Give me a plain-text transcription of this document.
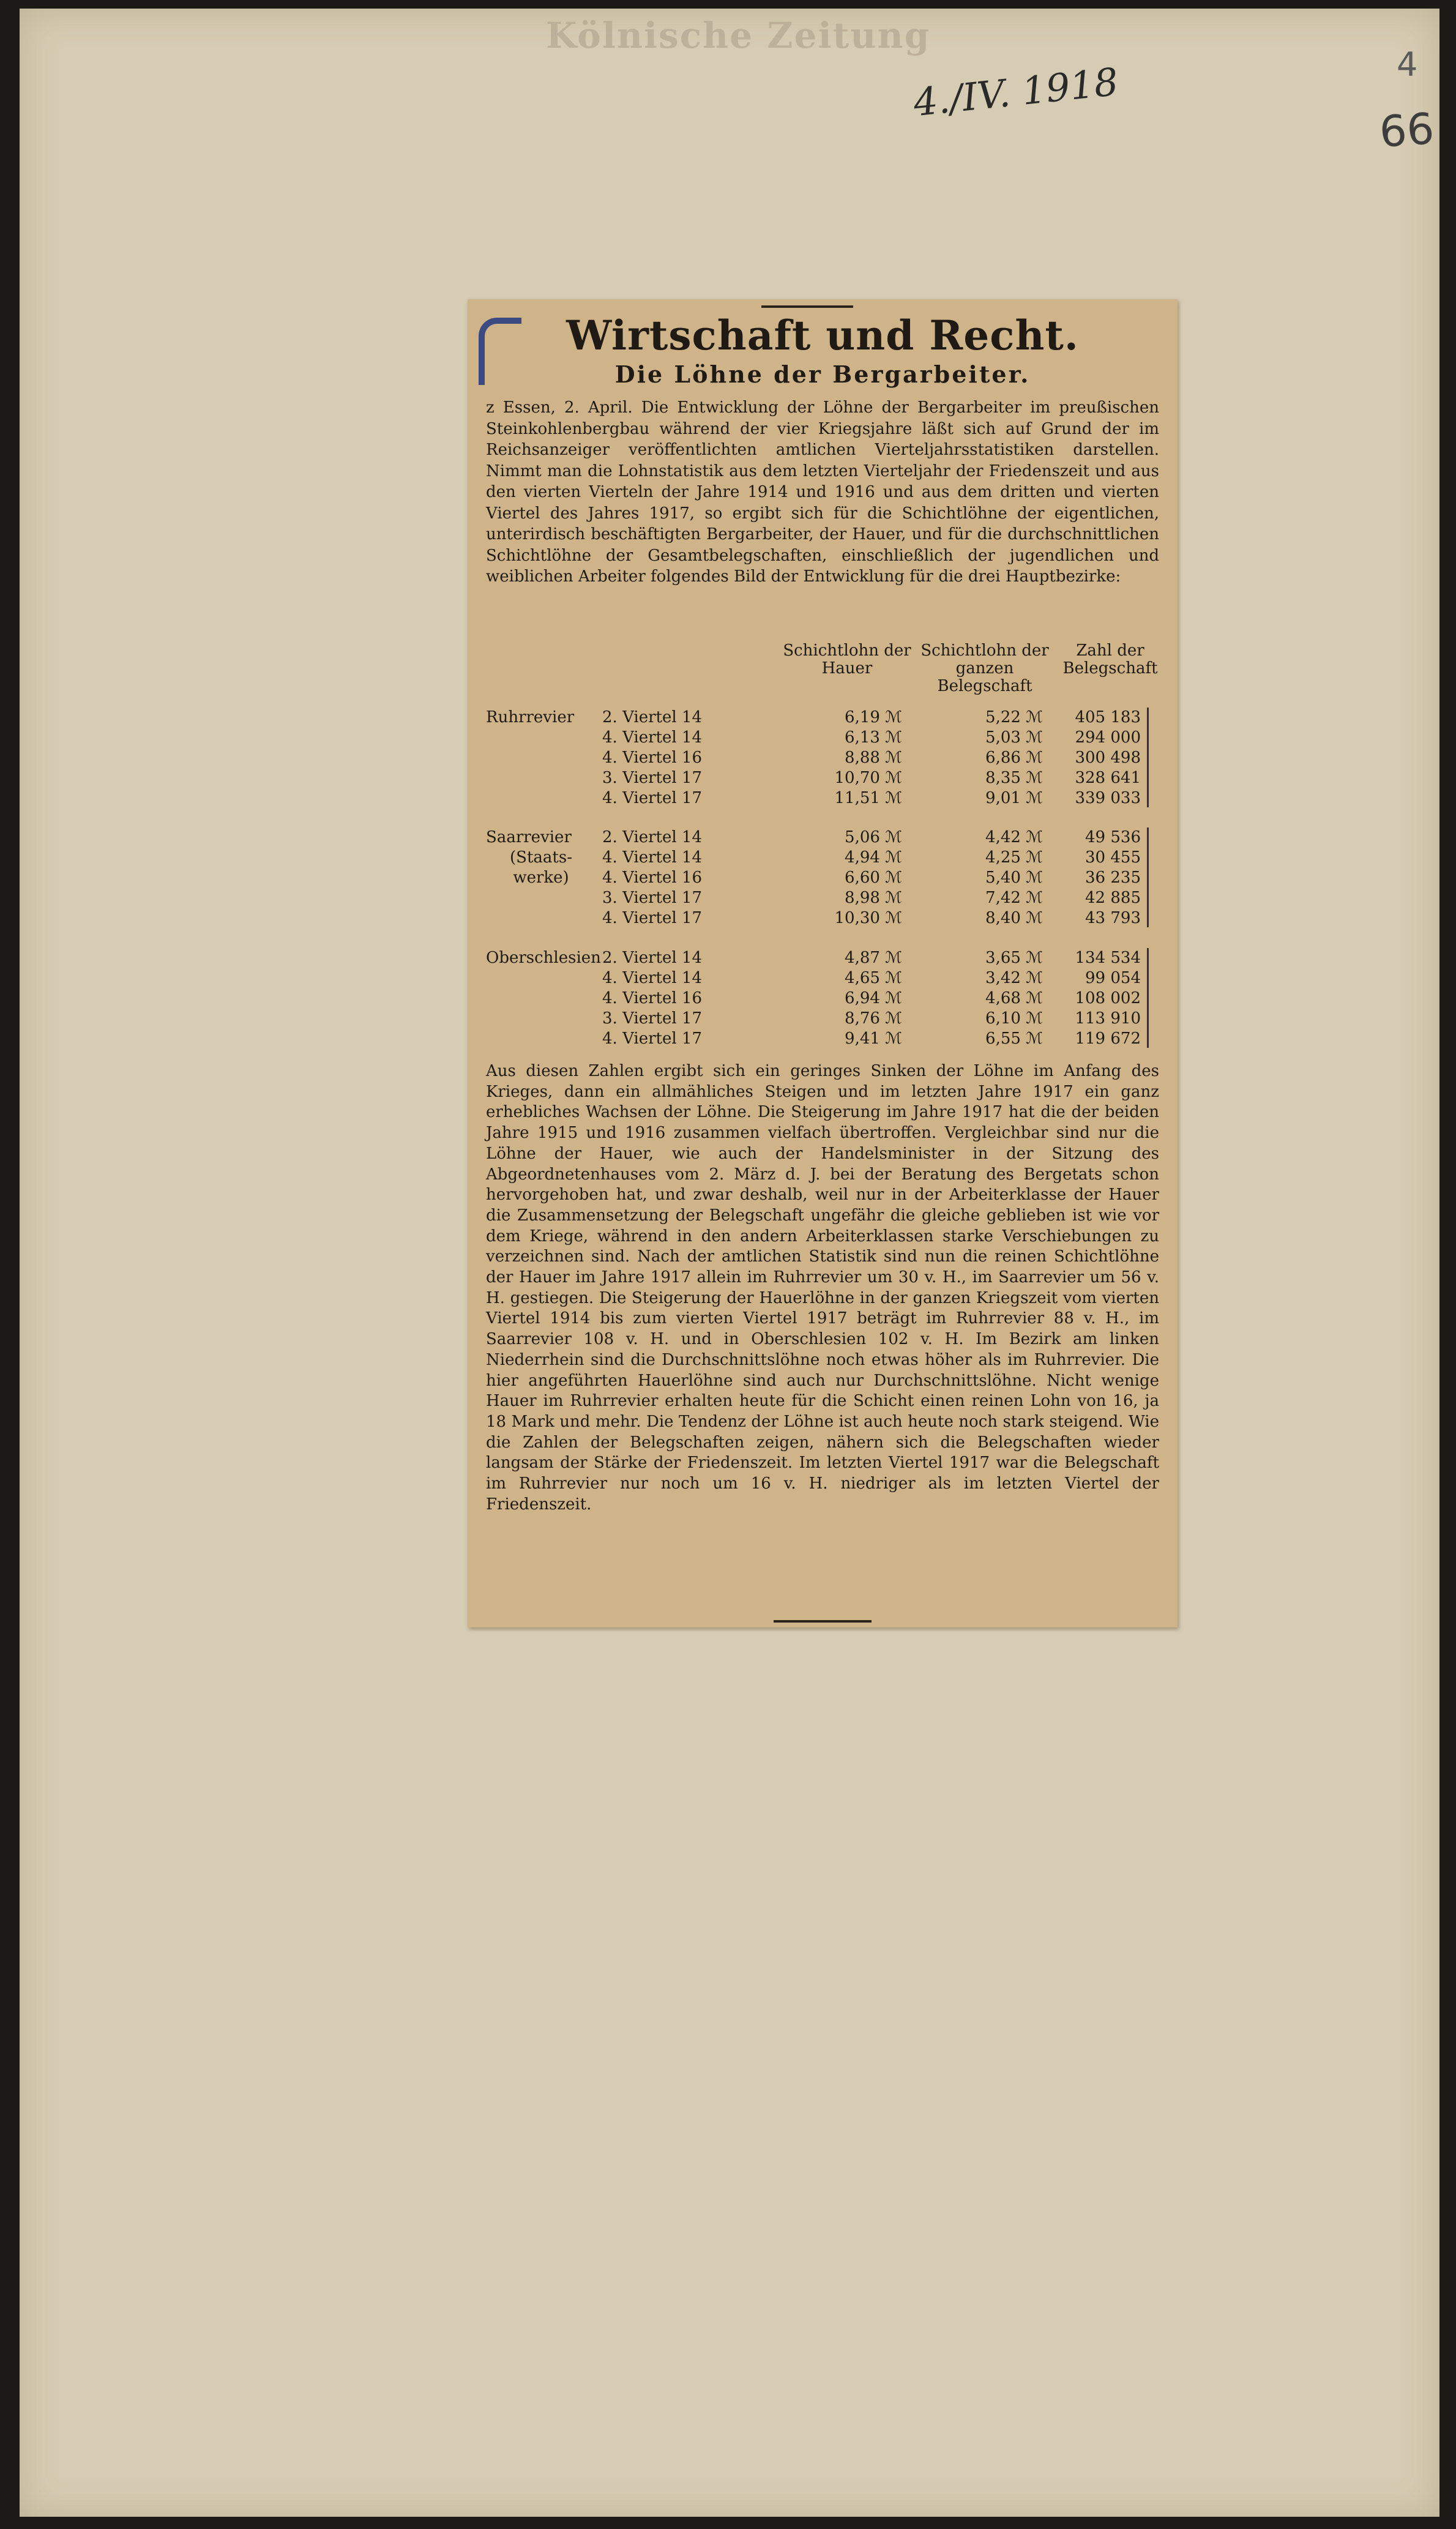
Kölnische Zeitung
4./IV. 1918	4
66
Wirtschaft und Recht.
Die Löhne der Bergarbeiter.
z Essen, 2. April. Die Entwicklung der Löhne der Bergarbeiter im preußischen Steinkohlenbergbau während der vier Kriegsjahre läßt sich auf Grund der im Reichsanzeiger veröffentlichten amtlichen Vierteljahrsstatistiken darstellen. Nimmt man die Lohnstatistik aus dem letzten Vierteljahr der Friedenszeit und aus den vierten Vierteln der Jahre 1914 und 1916 und aus dem dritten und vierten Viertel des Jahres 1917, so ergibt sich für die Schichtlöhne der eigentlichen, unterirdisch beschäftigten Bergarbeiter, der Hauer, und für die durchschnittlichen Schichtlöhne der Gesamtbelegschaften, einschließlich der jugendlichen und weiblichen Arbeiter folgendes Bild der Entwicklung für die drei Hauptbezirke:
Schichtlohn der Hauer
Schichtlohn der ganzen Belegschaft
Zahl der Belegschaft
Ruhrrevier	2. Viertel 14	6,19 ℳ	5,22 ℳ	405 183
4. Viertel 14	6,13 ℳ	5,03 ℳ	294 000
4. Viertel 16	8,88 ℳ	6,86 ℳ	300 498
3. Viertel 17	10,70 ℳ	8,35 ℳ	328 641
4. Viertel 17	11,51 ℳ	9,01 ℳ	339 033
Saarrevier	2. Viertel 14	5,06 ℳ	4,42 ℳ	49 536
(Staats-werke)
4. Viertel 14	4,94 ℳ	4,25 ℳ	30 455
4. Viertel 16	6,60 ℳ	5,40 ℳ	36 235
3. Viertel 17	8,98 ℳ	7,42 ℳ	42 885
4. Viertel 17	10,30 ℳ	8,40 ℳ	43 793
Oberschlesien 2. Viertel 14	4,87 ℳ	3,65 ℳ	134 534
4. Viertel 14	4,65 ℳ	3,42 ℳ	99 054
4. Viertel 16	6,94 ℳ	4,68 ℳ	108 002
3. Viertel 17	8,76 ℳ	6,10 ℳ	113 910
4. Viertel 17	9,41 ℳ	6,55 ℳ	119 672
Aus diesen Zahlen ergibt sich ein geringes Sinken der Löhne im Anfang des Krieges, dann ein allmähliches Steigen und im letzten Jahre 1917 ein ganz erhebliches Wachsen der Löhne. Die Steigerung im Jahre 1917 hat die der beiden Jahre 1915 und 1916 zusammen vielfach übertroffen. Vergleichbar sind nur die Löhne der Hauer, wie auch der Handelsminister in der Sitzung des Abgeordnetenhauses vom 2. März d. J. bei der Beratung des Bergetats schon hervorgehoben hat, und zwar deshalb, weil nur in der Arbeiterklasse der Hauer die Zusammensetzung der Belegschaft ungefähr die gleiche geblieben ist wie vor dem Kriege, während in den andern Arbeiterklassen starke Verschiebungen zu verzeichnen sind. Nach der amtlichen Statistik sind nun die reinen Schichtlöhne der Hauer im Jahre 1917 allein im Ruhrrevier um 30 v. H., im Saarrevier um 56 v. H. gestiegen. Die Steigerung der Hauerlöhne in der ganzen Kriegszeit vom vierten Viertel 1914 bis zum vierten Viertel 1917 beträgt im Ruhrrevier 88 v. H., im Saarrevier 108 v. H. und in Oberschlesien 102 v. H. Im Bezirk am linken Niederrhein sind die Durchschnittslöhne noch etwas höher als im Ruhrrevier. Die hier angeführten Hauerlöhne sind auch nur Durchschnittslöhne. Nicht wenige Hauer im Ruhrrevier erhalten heute für die Schicht einen reinen Lohn von 16, ja 18 Mark und mehr. Die Tendenz der Löhne ist auch heute noch stark steigend. Wie die Zahlen der Belegschaften zeigen, nähern sich die Belegschaften wieder langsam der Stärke der Friedenszeit. Im letzten Viertel 1917 war die Belegschaft im Ruhrrevier nur noch um 16 v. H. niedriger als im letzten Viertel der Friedenszeit.
